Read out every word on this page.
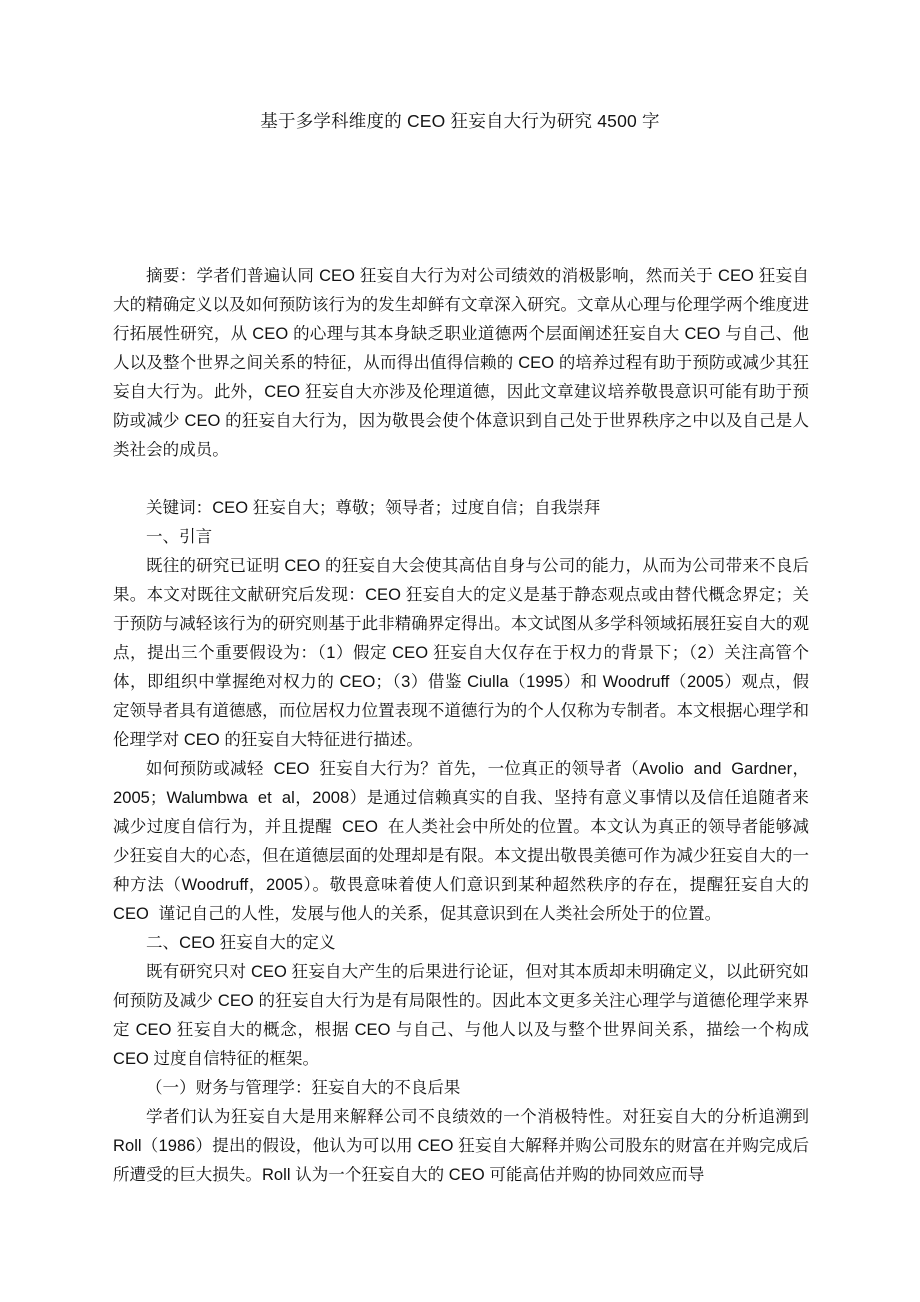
基于多学科维度的 CEO 狂妄自大行为研究 4500 字

摘要：学者们普遍认同 CEO 狂妄自大行为对公司绩效的消极影响，然而关于 CEO 狂妄自大的精确定义以及如何预防该行为的发生却鲜有文章深入研究。文章从心理与伦理学两个维度进行拓展性研究，从 CEO 的心理与其本身缺乏职业道德两个层面阐述狂妄自大 CEO 与自己、他人以及整个世界之间关系的特征，从而得出值得信赖的 CEO 的培养过程有助于预防或减少其狂妄自大行为。此外，CEO 狂妄自大亦涉及伦理道德，因此文章建议培养敬畏意识可能有助于预防或减少 CEO 的狂妄自大行为，因为敬畏会使个体意识到自己处于世界秩序之中以及自己是人类社会的成员。

关键词：CEO 狂妄自大；尊敬；领导者；过度自信；自我崇拜

一、引言

既往的研究已证明 CEO 的狂妄自大会使其高估自身与公司的能力，从而为公司带来不良后果。本文对既往文献研究后发现：CEO 狂妄自大的定义是基于静态观点或由替代概念界定；关于预防与减轻该行为的研究则基于此非精确界定得出。本文试图从多学科领域拓展狂妄自大的观点，提出三个重要假设为：（1）假定 CEO 狂妄自大仅存在于权力的背景下；（2）关注高管个体，即组织中掌握绝对权力的 CEO；（3）借鉴 Ciulla（1995）和 Woodruff（2005）观点，假定领导者具有道德感，而位居权力位置表现不道德行为的个人仅称为专制者。本文根据心理学和伦理学对 CEO 的狂妄自大特征进行描述。

如何预防或减轻 CEO 狂妄自大行为？首先，一位真正的领导者（Avolio and Gardner，2005；Walumbwa et al，2008）是通过信赖真实的自我、坚持有意义事情以及信任追随者来减少过度自信行为，并且提醒 CEO 在人类社会中所处的位置。本文认为真正的领导者能够减少狂妄自大的心态，但在道德层面的处理却是有限。本文提出敬畏美德可作为减少狂妄自大的一种方法（Woodruff，2005）。敬畏意味着使人们意识到某种超然秩序的存在，提醒狂妄自大的 CEO 谨记自己的人性，发展与他人的关系，促其意识到在人类社会所处于的位置。

二、CEO 狂妄自大的定义

既有研究只对 CEO 狂妄自大产生的后果进行论证，但对其本质却未明确定义，以此研究如何预防及减少 CEO 的狂妄自大行为是有局限性的。因此本文更多关注心理学与道德伦理学来界定 CEO 狂妄自大的概念，根据 CEO 与自己、与他人以及与整个世界间关系，描绘一个构成 CEO 过度自信特征的框架。

（一）财务与管理学：狂妄自大的不良后果

学者们认为狂妄自大是用来解释公司不良绩效的一个消极特性。对狂妄自大的分析追溯到 Roll（1986）提出的假设，他认为可以用 CEO 狂妄自大解释并购公司股东的财富在并购完成后所遭受的巨大损失。Roll 认为一个狂妄自大的 CEO 可能高估并购的协同效应而导
